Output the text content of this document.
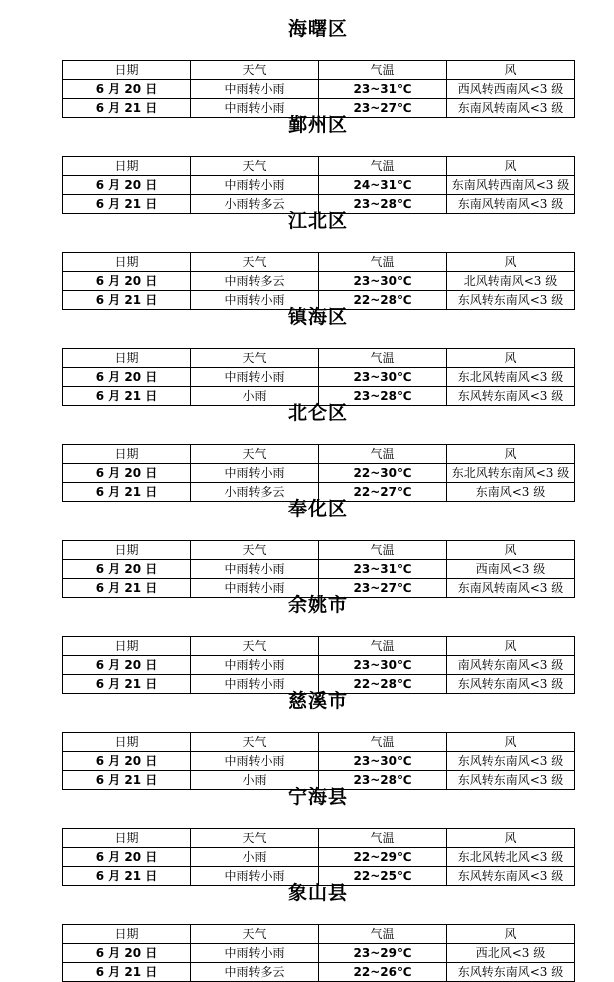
海曙区
日期	天气	气温	风
6 月 20 日	中雨转小雨	23~31℃	西风转西南风<3 级
6 月 21 日	中雨转小雨	23~27℃	东南风转南风<3 级
鄞州区
日期	天气	气温	风
6 月 20 日	中雨转小雨	24~31℃	东南风转西南风<3 级
6 月 21 日	小雨转多云	23~28℃	东南风转南风<3 级
江北区
日期	天气	气温	风
6 月 20 日	中雨转多云	23~30℃	北风转南风<3 级
6 月 21 日	中雨转小雨	22~28℃	东风转东南风<3 级
镇海区
日期	天气	气温	风
6 月 20 日	中雨转小雨	23~30℃	东北风转南风<3 级
6 月 21 日	小雨	23~28℃	东风转东南风<3 级
北仑区
日期	天气	气温	风
6 月 20 日	中雨转小雨	22~30℃	东北风转东南风<3 级
6 月 21 日	小雨转多云	22~27℃	东南风<3 级
奉化区
日期	天气	气温	风
6 月 20 日	中雨转小雨	23~31℃	西南风<3 级
6 月 21 日	中雨转小雨	23~27℃	东南风转南风<3 级
余姚市
日期	天气	气温	风
6 月 20 日	中雨转小雨	23~30℃	南风转东南风<3 级
6 月 21 日	中雨转小雨	22~28℃	东风转东南风<3 级
慈溪市
日期	天气	气温	风
6 月 20 日	中雨转小雨	23~30℃	东风转东南风<3 级
6 月 21 日	小雨	23~28℃	东风转东南风<3 级
宁海县
日期	天气	气温	风
6 月 20 日	小雨	22~29℃	东北风转北风<3 级
6 月 21 日	中雨转小雨	22~25℃	东风转东南风<3 级
象山县
日期	天气	气温	风
6 月 20 日	中雨转小雨	23~29℃	西北风<3 级
6 月 21 日	中雨转多云	22~26℃	东风转东南风<3 级
